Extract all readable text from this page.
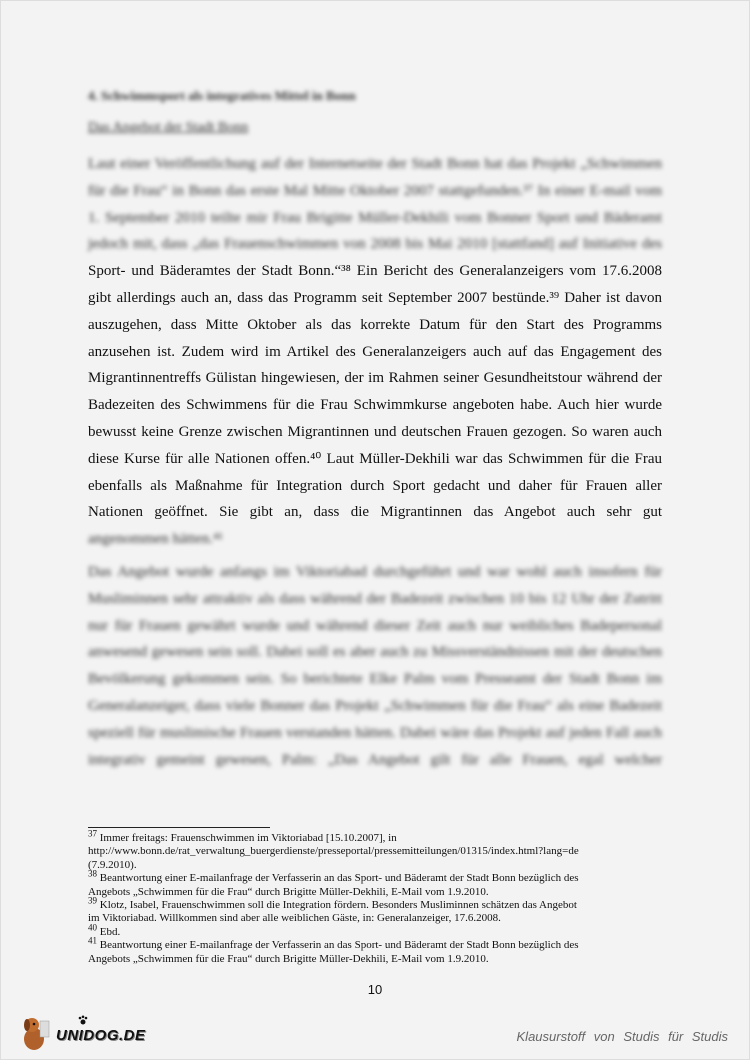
4. Schwimmsport als integratives Mittel in Bonn
Das Angebot der Stadt Bonn
Laut einer Veröffentlichung auf der Internetseite der Stadt Bonn hat das Projekt „Schwimmen
für die Frau“ in Bonn das erste Mal Mitte Oktober 2007 stattgefunden.³⁷ In einer E-mail vom
1. September 2010 teilte mir Frau Brigitte Müller-Dekhili vom Bonner Sport und Bäderamt
jedoch mit, dass „das Frauenschwimmen von 2008 bis Mai 2010 [stattfand] auf Initiative des
Sport- und Bäderamtes der Stadt Bonn.“³⁸ Ein Bericht des Generalanzeigers vom 17.6.2008
gibt allerdings auch an, dass das Programm seit September 2007 bestünde.³⁹ Daher ist davon
auszugehen, dass Mitte Oktober als das korrekte Datum für den Start des Programms
anzusehen ist. Zudem wird im Artikel des Generalanzeigers auch auf das Engagement des
Migrantinnentreffs Gülistan hingewiesen, der im Rahmen seiner Gesundheitstour während der
Badezeiten des Schwimmens für die Frau Schwimmkurse angeboten habe. Auch hier wurde
bewusst keine Grenze zwischen Migrantinnen und deutschen Frauen gezogen. So waren auch
diese Kurse für alle Nationen offen.⁴⁰ Laut Müller-Dekhili war das Schwimmen für die Frau
ebenfalls als Maßnahme für Integration durch Sport gedacht und daher für Frauen aller
Nationen geöffnet. Sie gibt an, dass die Migrantinnen das Angebot auch sehr gut
angenommen hätten.⁴¹
Das Angebot wurde anfangs im Viktoriabad durchgeführt und war wohl auch insofern für
Musliminnen sehr attraktiv als dass während der Badezeit zwischen 10 bis 12 Uhr der Zutritt
nur für Frauen gewährt wurde und während dieser Zeit auch nur weibliches Badepersonal
anwesend gewesen sein soll. Dabei soll es aber auch zu Missverständnissen mit der deutschen
Bevölkerung gekommen sein. So berichtete Elke Palm vom Presseamt der Stadt Bonn im
Generalanzeiger, dass viele Bonner das Projekt „Schwimmen für die Frau“ als eine Badezeit
speziell für muslimische Frauen verstanden hätten. Dabei wäre das Projekt auf jeden Fall auch
integrativ gemeint gewesen, Palm: „Das Angebot gilt für alle Frauen, egal welcher
$^{37}$ Immer freitags: Frauenschwimmen im Viktoriabad [15.10.2007], in
http://www.bonn.de/rat_verwaltung_buergerdienste/presseportal/pressemitteilungen/01315/index.html?lang=de
(7.9.2010).
$^{38}$ Beantwortung einer E-mailanfrage der Verfasserin an das Sport- und Bäderamt der Stadt Bonn bezüglich des
Angebots „Schwimmen für die Frau“ durch Brigitte Müller-Dekhili, E-Mail vom 1.9.2010.
$^{39}$ Klotz, Isabel, Frauenschwimmen soll die Integration fördern. Besonders Musliminnen schätzen das Angebot
im Viktoriabad. Willkommen sind aber alle weiblichen Gäste, in: Generalanzeiger, 17.6.2008.
$^{40}$ Ebd.
$^{41}$ Beantwortung einer E-mailanfrage der Verfasserin an das Sport- und Bäderamt der Stadt Bonn bezüglich des
Angebots „Schwimmen für die Frau“ durch Brigitte Müller-Dekhili, E-Mail vom 1.9.2010.
10
UNIDOG.DE	Klausurstoff von Studis für Studis
